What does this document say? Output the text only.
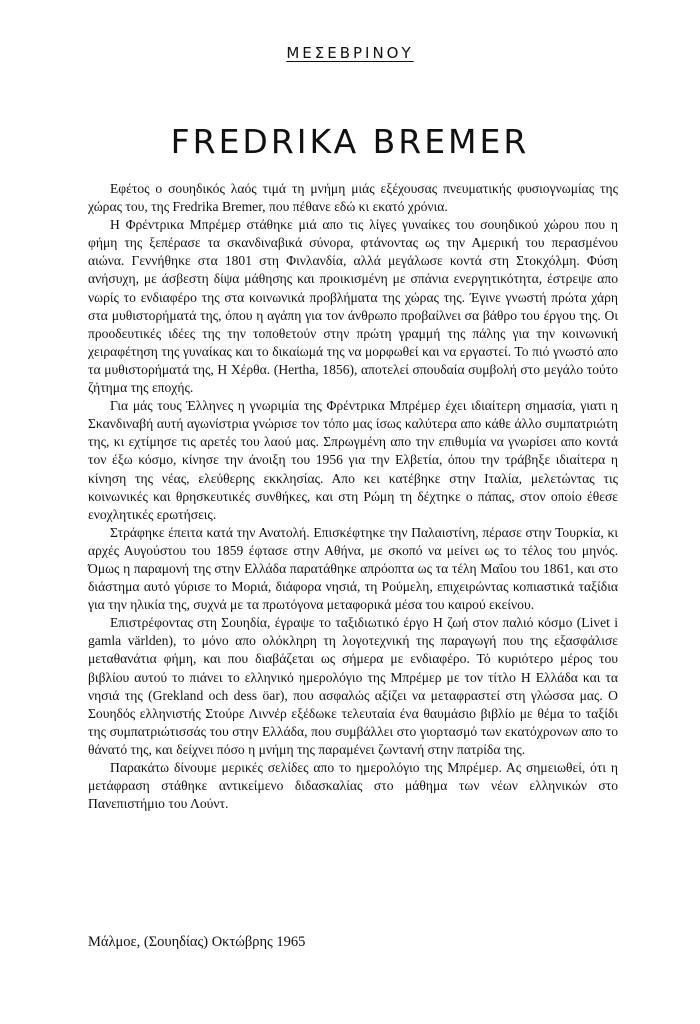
ΜΕΣΕΒΡΙΝΟΥ
FREDRIKA BREMER

Εφέτος ο σουηδικός λαός τιμά τη μνήμη μιάς εξέχουσας πνευματικής φυσιογνωμίας της χώρας του, της Fredrika Bremer, που πέθανε εδώ κι εκατό χρόνια.

Η Φρέντρικα Μπρέμερ στάθηκε μιά απο τις λίγες γυναίκες του σουηδικού χώρου που η φήμη της ξεπέρασε τα σκανδιναβικά σύνορα, φτάνοντας ως την Αμερική του περασμένου αιώνα. Γεννήθηκε στα 1801 στη Φινλανδία, αλλά μεγάλωσε κοντά στη Στοκχόλμη. Φύση ανήσυχη, με άσβεστη δίψα μάθησης και προικισμένη με σπάνια ενεργητικότητα, έστρεψε απο νωρίς το ενδιαφέρο της στα κοινωνικά προβλήματα της χώρας της. Έγινε γνωστή πρώτα χάρη στα μυθιστορήματά της, όπου η αγάπη για τον άνθρωπο προβαίλνει σα βάθρο του έργου της. Οι προοδευτικές ιδέες της την τοποθετούν στην πρώτη γραμμή της πάλης για την κοινωνική χειραφέτηση της γυναίκας και το δικαίωμά της να μορφωθεί και να εργαστεί. Το πιό γνωστό απο τα μυθιστορήματά της, Η Χέρθα. (Hertha, 1856), αποτελεί σπουδαία συμβολή στο μεγάλο τούτο ζήτημα της εποχής.

Για μάς τους Έλληνες η γνωριμία της Φρέντρικα Μπρέμερ έχει ιδιαίτερη σημασία, γιατι η Σκανδιναβή αυτή αγωνίστρια γνώρισε τον τόπο μας ίσως καλύτερα απο κάθε άλλο συμπατριώτη της, κι εχτίμησε τις αρετές του λαού μας. Σπρωγμένη απο την επιθυμία να γνωρίσει απο κοντά τον έξω κόσμο, κίνησε την άνοιξη του 1956 για την Ελβετία, όπου την τράβηξε ιδιαίτερα η κίνηση της νέας, ελεύθερης εκκλησίας. Απο κει κατέβηκε στην Ιταλία, μελετώντας τις κοινωνικές και θρησκευτικές συνθήκες, και στη Ρώμη τη δέχτηκε ο πάπας, στον οποίο έθεσε ενοχλητικές ερωτήσεις.

Στράφηκε έπειτα κατά την Ανατολή. Επισκέφτηκε την Παλαιστίνη, πέρασε στην Τουρκία, κι αρχές Αυγούστου του 1859 έφτασε στην Αθήνα, με σκοπό να μείνει ως το τέλος του μηνός. Όμως η παραμονή της στην Ελλάδα παρατάθηκε απρόοπτα ως τα τέλη Μαΐου του 1861, και στο διάστημα αυτό γύρισε το Μοριά, διάφορα νησιά, τη Ρούμελη, επιχειρώντας κοπιαστικά ταξίδια για την ηλικία της, συχνά με τα πρωτόγονα μεταφορικά μέσα του καιρού εκείνου.

Επιστρέφοντας στη Σουηδία, έγραψε το ταξιδιωτικό έργο Η ζωή στον παλιό κόσμο (Livet i gamla världen), το μόνο απο ολόκληρη τη λογοτεχνική της παραγωγή που της εξασφάλισε μεταθανάτια φήμη, και που διαβάζεται ως σήμερα με ενδιαφέρο. Τό κυριότερο μέρος του βιβλίου αυτού το πιάνει το ελληνικό ημερολόγιο της Μπρέμερ με τον τίτλο Η Ελλάδα και τα νησιά της (Grekland och dess öar), που ασφαλώς αξίζει να μεταφραστεί στη γλώσσα μας. Ο Σουηδός ελληνιστής Στούρε Λιννέρ εξέδωκε τελευταία ένα θαυμάσιο βιβλίο με θέμα το ταξίδι της συμπατριώτισσάς του στην Ελλάδα, που συμβάλλει στο γιορτασμό των εκατόχρονων απο το θάνατό της, και δείχνει πόσο η μνήμη της παραμένει ζωντανή στην πατρίδα της.

Παρακάτω δίνουμε μερικές σελίδες απο το ημερολόγιο της Μπρέμερ. Ας σημειωθεί, ότι η μετάφραση στάθηκε αντικείμενο διδασκαλίας στο μάθημα των νέων ελληνικών στο Πανεπιστήμιο του Λούντ.

Μάλμοε, (Σουηδίας) Οκτώβρης 1965
